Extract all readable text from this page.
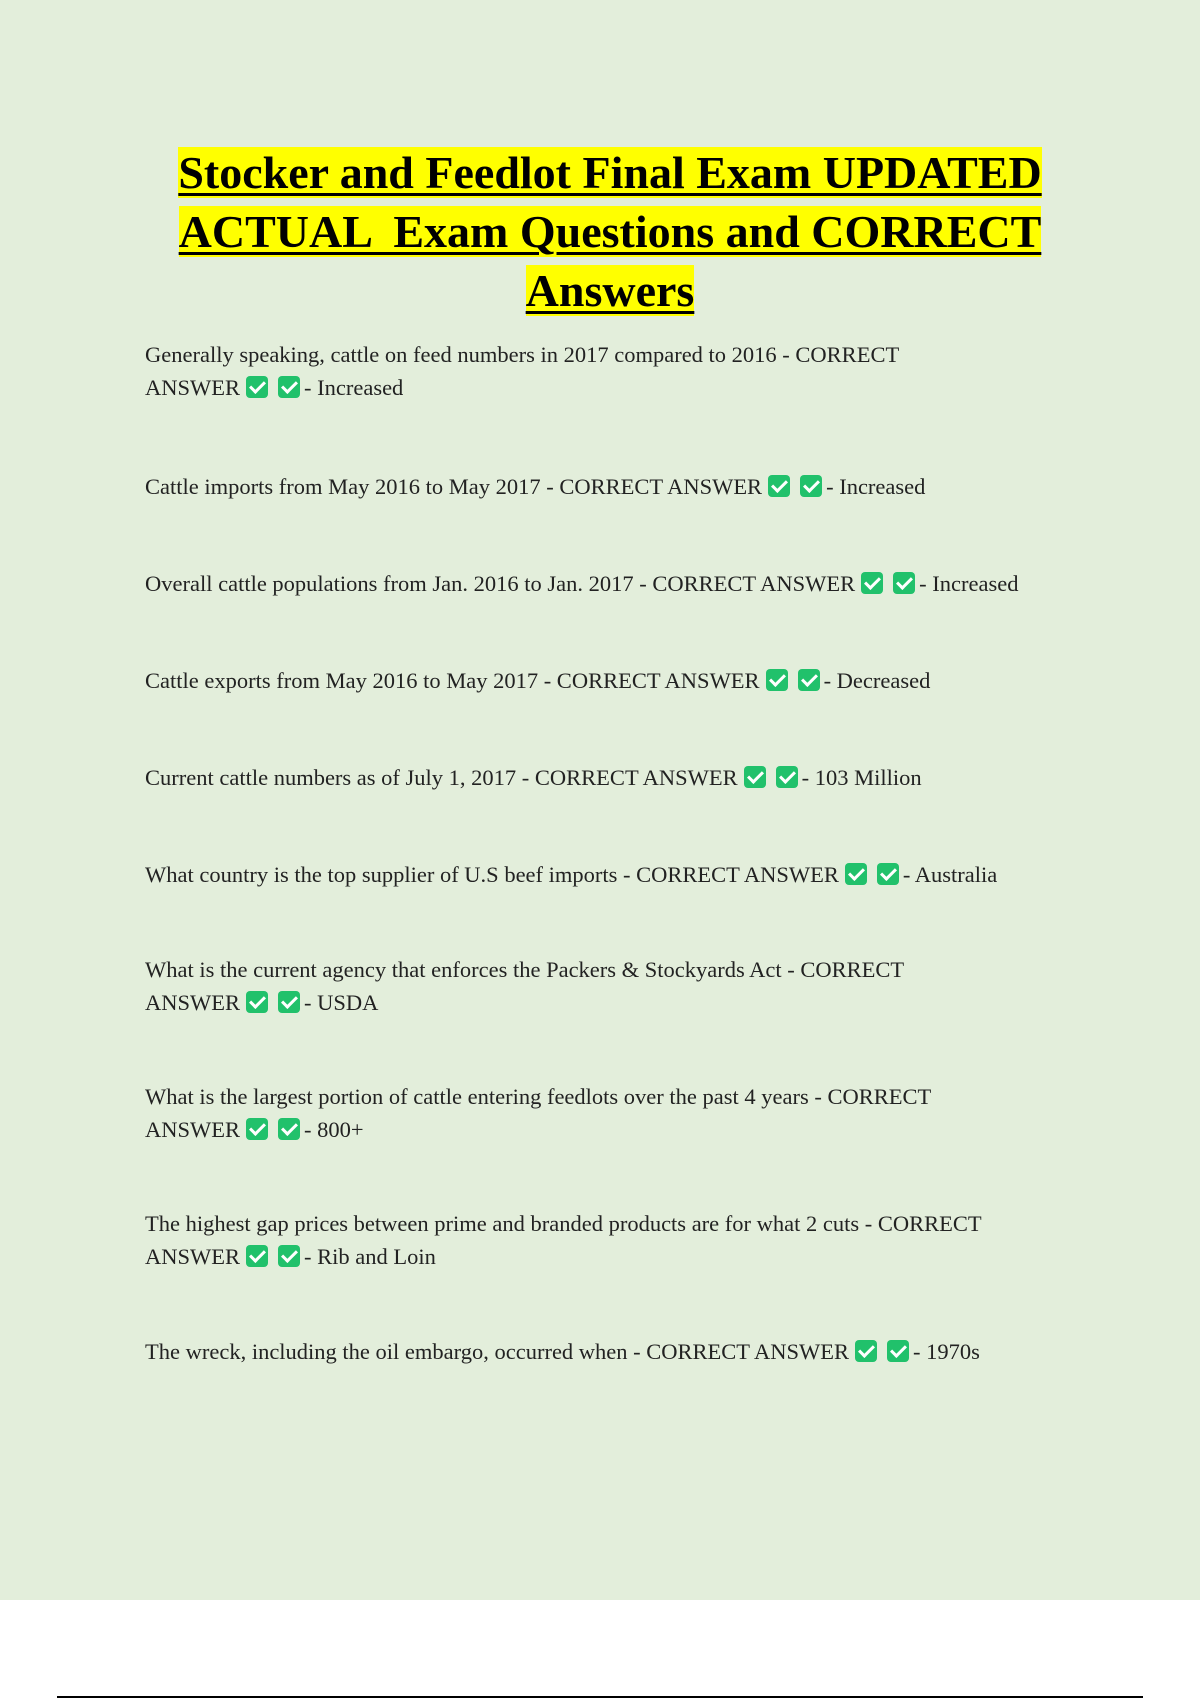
Stocker and Feedlot Final Exam UPDATED
ACTUAL  Exam Questions and CORRECT
Answers

Generally speaking, cattle on feed numbers in 2017 compared to 2016 - CORRECT
ANSWER	- Increased

Cattle imports from May 2016 to May 2017 - CORRECT ANSWER	- Increased

Overall cattle populations from Jan. 2016 to Jan. 2017 - CORRECT ANSWER	- Increased

Cattle exports from May 2016 to May 2017 - CORRECT ANSWER	- Decreased

Current cattle numbers as of July 1, 2017 - CORRECT ANSWER	- 103 Million

What country is the top supplier of U.S beef imports - CORRECT ANSWER	- Australia

What is the current agency that enforces the Packers & Stockyards Act - CORRECT
ANSWER	- USDA

What is the largest portion of cattle entering feedlots over the past 4 years - CORRECT
ANSWER	- 800+

The highest gap prices between prime and branded products are for what 2 cuts - CORRECT
ANSWER	- Rib and Loin

The wreck, including the oil embargo, occurred when - CORRECT ANSWER	- 1970s
